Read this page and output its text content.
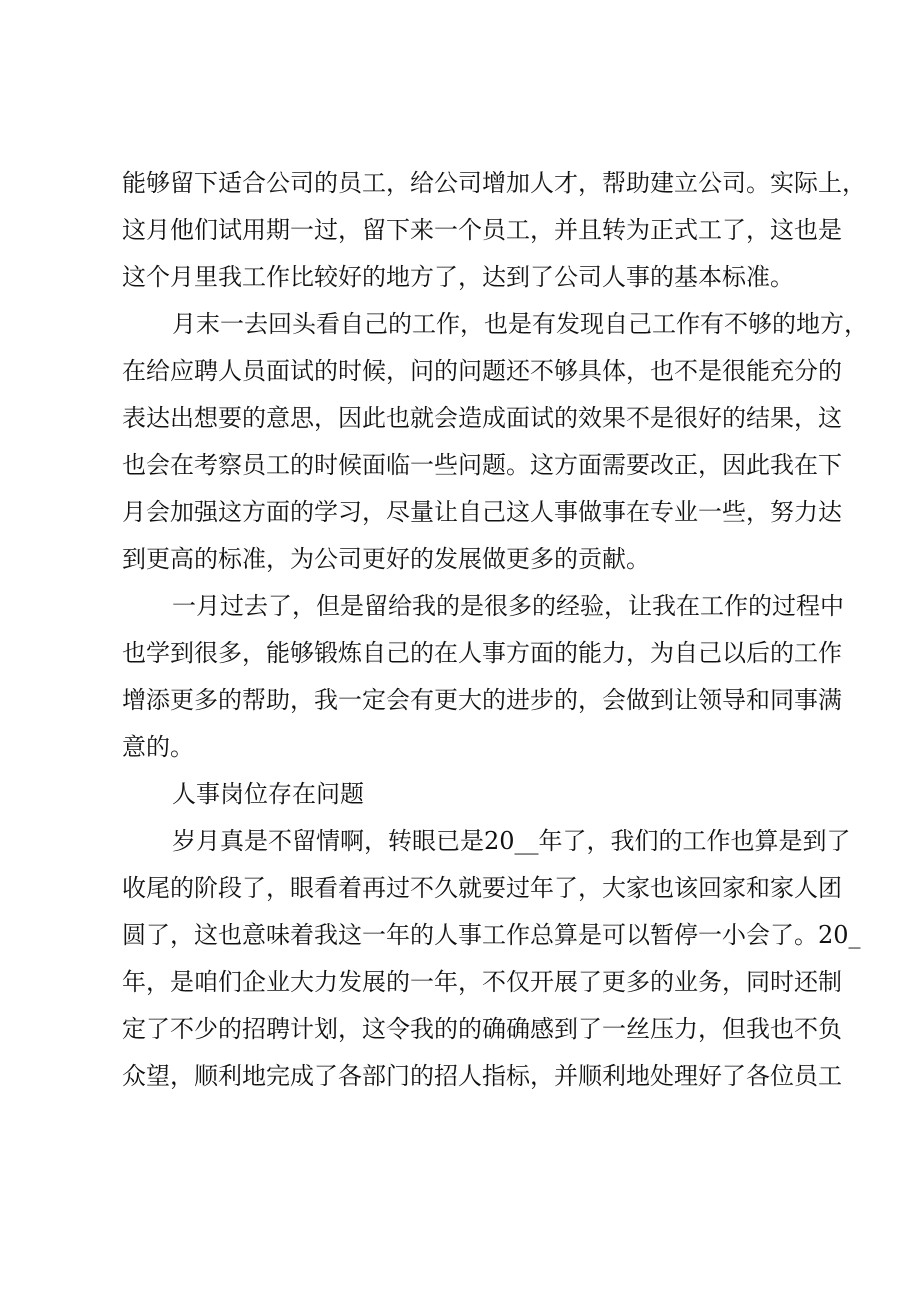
能够留下适合公司的员工，给公司增加人才，帮助建立公司。实际上，
这月他们试用期一过，留下来一个员工，并且转为正式工了，这也是
这个月里我工作比较好的地方了，达到了公司人事的基本标准。
月末一去回头看自己的工作，也是有发现自己工作有不够的地方，
在给应聘人员面试的时候，问的问题还不够具体，也不是很能充分的
表达出想要的意思，因此也就会造成面试的效果不是很好的结果，这
也会在考察员工的时候面临一些问题。这方面需要改正，因此我在下
月会加强这方面的学习，尽量让自己这人事做事在专业一些，努力达
到更高的标准，为公司更好的发展做更多的贡献。
一月过去了，但是留给我的是很多的经验，让我在工作的过程中
也学到很多，能够锻炼自己的在人事方面的能力，为自己以后的工作
增添更多的帮助，我一定会有更大的进步的，会做到让领导和同事满
意的。
人事岗位存在问题
岁月真是不留情啊，转眼已是20__年了，我们的工作也算是到了
收尾的阶段了，眼看着再过不久就要过年了，大家也该回家和家人团
圆了，这也意味着我这一年的人事工作总算是可以暂停一小会了。20_
年，是咱们企业大力发展的一年，不仅开展了更多的业务，同时还制
定了不少的招聘计划，这令我的的确确感到了一丝压力，但我也不负
众望，顺利地完成了各部门的招人指标，并顺利地处理好了各位员工
